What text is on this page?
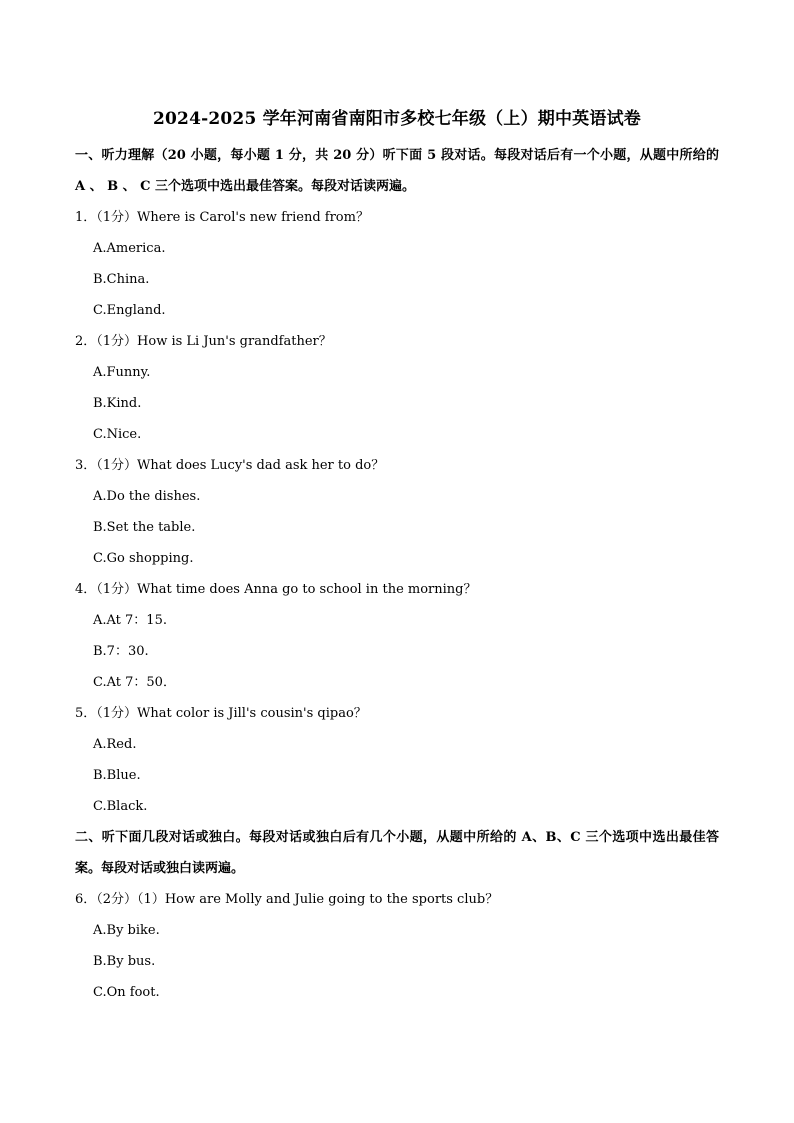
2024-2025 学年河南省南阳市多校七年级（上）期中英语试卷
一、听力理解（20 小题，每小题 1 分，共 20 分）听下面 5 段对话。每段对话后有一个小题，从题中所给的 A 、 B 、 C 三个选项中选出最佳答案。每段对话读两遍。
1．（1分）Where is Carol's new friend from？
A.America.
B.China.
C.England.
2．（1分）How is Li Jun's grandfather？
A.Funny.
B.Kind.
C.Nice.
3．（1分）What does Lucy's dad ask her to do？
A.Do the dishes.
B.Set the table.
C.Go shopping.
4．（1分）What time does Anna go to school in the morning？
A.At 7：15.
B.7：30.
C.At 7：50．
5．（1分）What color is Jill's cousin's qipao？
A.Red.
B.Blue.
C.Black.
二、听下面几段对话或独白。每段对话或独白后有几个小题，从题中所给的 A、B、C 三个选项中选出最佳答案。每段对话或独白读两遍。
6．（2分）（1）How are Molly and Julie going to the sports club？
A.By bike.
B.By bus.
C.On foot.
